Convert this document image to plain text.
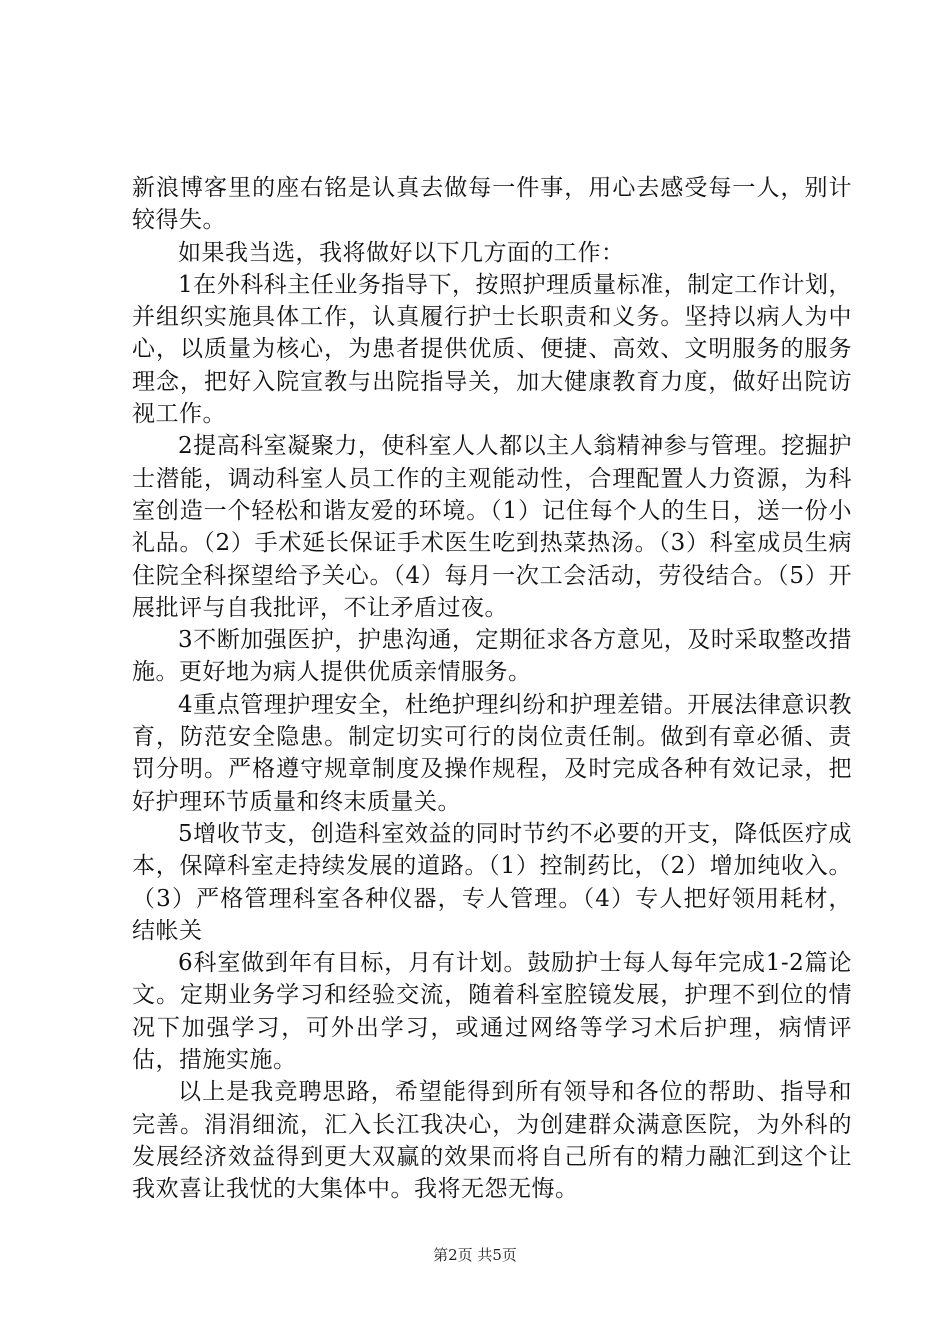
新浪博客里的座右铭是认真去做每一件事，用心去感受每一人，别计较得失。

如果我当选，我将做好以下几方面的工作：

1在外科科主任业务指导下，按照护理质量标准，制定工作计划，并组织实施具体工作，认真履行护士长职责和义务。坚持以病人为中心，以质量为核心，为患者提供优质、便捷、高效、文明服务的服务理念，把好入院宣教与出院指导关，加大健康教育力度，做好出院访视工作。

2提高科室凝聚力，使科室人人都以主人翁精神参与管理。挖掘护士潜能，调动科室人员工作的主观能动性，合理配置人力资源，为科室创造一个轻松和谐友爱的环境。（1）记住每个人的生日，送一份小礼品。（2）手术延长保证手术医生吃到热菜热汤。（3）科室成员生病住院全科探望给予关心。（4）每月一次工会活动，劳役结合。（5）开展批评与自我批评，不让矛盾过夜。

3不断加强医护，护患沟通，定期征求各方意见，及时采取整改措施。更好地为病人提供优质亲情服务。

4重点管理护理安全，杜绝护理纠纷和护理差错。开展法律意识教育，防范安全隐患。制定切实可行的岗位责任制。做到有章必循、责罚分明。严格遵守规章制度及操作规程，及时完成各种有效记录，把好护理环节质量和终末质量关。

5增收节支，创造科室效益的同时节约不必要的开支，降低医疗成本，保障科室走持续发展的道路。（1）控制药比，（2）增加纯收入。（3）严格管理科室各种仪器，专人管理。（4）专人把好领用耗材，结帐关

6科室做到年有目标，月有计划。鼓励护士每人每年完成1-2篇论文。定期业务学习和经验交流，随着科室腔镜发展，护理不到位的情况下加强学习，可外出学习，或通过网络等学习术后护理，病情评估，措施实施。

以上是我竞聘思路，希望能得到所有领导和各位的帮助、指导和完善。涓涓细流，汇入长江我决心，为创建群众满意医院，为外科的发展经济效益得到更大双赢的效果而将自己所有的精力融汇到这个让我欢喜让我忧的大集体中。我将无怨无悔。

第2页 共5页
